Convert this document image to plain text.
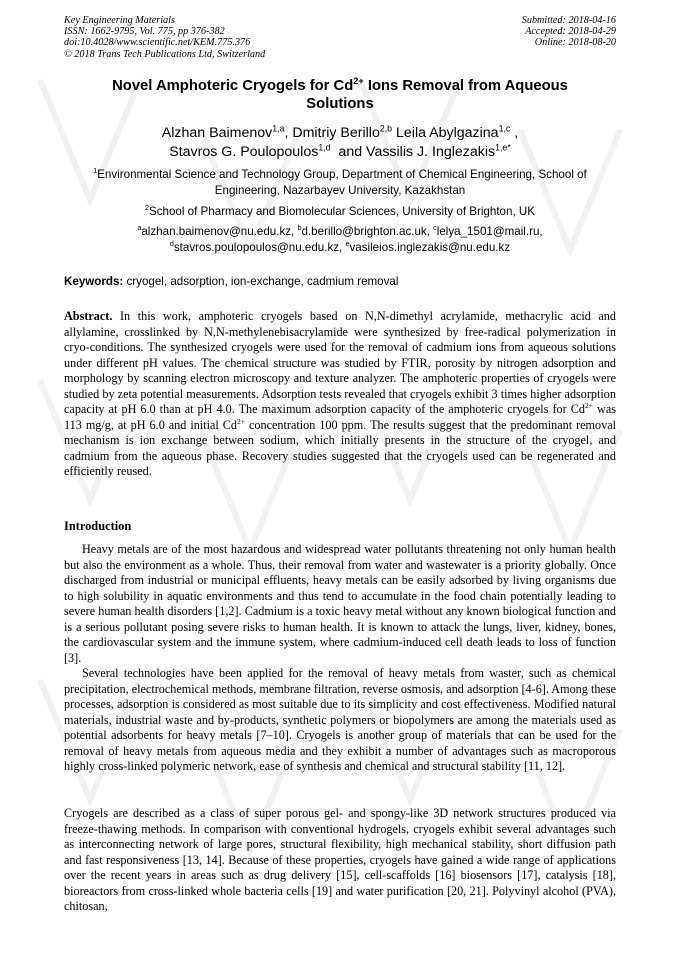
Key Engineering Materials
ISSN: 1662-9795, Vol. 775, pp 376-382
doi:10.4028/www.scientific.net/KEM.775.376
© 2018 Trans Tech Publications Ltd, Switzerland
Submitted: 2018-04-16
Accepted: 2018-04-29
Online: 2018-08-20
Novel Amphoteric Cryogels for $Cd^{2+}$ Ions Removal from Aqueous
Solutions
Alzhan Baimenov$^{1,a}$, Dmitriy Berillo$^{2,b}$ Leila Abylgazina$^{1,c}$ ,
Stavros G. Poulopoulos$^{1,d}$  and Vassilis J. Inglezakis$^{1,e*}$
$^1$Environmental Science and Technology Group, Department of Chemical Engineering, School of Engineering, Nazarbayev University, Kazakhstan
$^2$School of Pharmacy and Biomolecular Sciences, University of Brighton, UK
$^a$alzhan.baimenov@nu.edu.kz, $^b$d.berillo@brighton.ac.uk, $^c$lelya_1501@mail.ru,
$^d$stavros.poulopoulos@nu.edu.kz, $^e$vasileios.inglezakis@nu.edu.kz
Keywords: cryogel, adsorption, ion-exchange, cadmium removal

Abstract. In this work, amphoteric cryogels based on N,N-dimethyl acrylamide, methacrylic acid and allylamine, crosslinked by N,N-methylenebisacrylamide were synthesized by free-radical polymerization in cryo-conditions. The synthesized cryogels were used for the removal of cadmium ions from aqueous solutions under different pH values. The chemical structure was studied by FTIR, porosity by nitrogen adsorption and morphology by scanning electron microscopy and texture analyzer. The amphoteric properties of cryogels were studied by zeta potential measurements. Adsorption tests revealed that cryogels exhibit 3 times higher adsorption capacity at pH 6.0 than at pH 4.0. The maximum adsorption capacity of the amphoteric cryogels for $Cd^{2+}$ was 113 mg/g, at pH 6.0 and initial $Cd^{2+}$ concentration 100 ppm. The results suggest that the predominant removal mechanism is ion exchange between sodium, which initially presents in the structure of the cryogel, and cadmium from the aqueous phase. Recovery studies suggested that the cryogels used can be regenerated and efficiently reused.

Introduction

Heavy metals are of the most hazardous and widespread water pollutants threatening not only human health but also the environment as a whole. Thus, their removal from water and wastewater is a priority globally. Once discharged from industrial or municipal effluents, heavy metals can be easily adsorbed by living organisms due to high solubility in aquatic environments and thus tend to accumulate in the food chain potentially leading to severe human health disorders [1,2]. Cadmium is a toxic heavy metal without any known biological function and is a serious pollutant posing severe risks to human health. It is known to attack the lungs, liver, kidney, bones, the cardiovascular system and the immune system, where cadmium-induced cell death leads to loss of function [3].

Several technologies have been applied for the removal of heavy metals from waster, such as chemical precipitation, electrochemical methods, membrane filtration, reverse osmosis, and adsorption [4-6]. Among these processes, adsorption is considered as most suitable due to its simplicity and cost effectiveness. Modified natural materials, industrial waste and by-products, synthetic polymers or biopolymers are among the materials used as potential adsorbents for heavy metals [7–10]. Cryogels is another group of materials that can be used for the removal of heavy metals from aqueous media and they exhibit a number of advantages such as macroporous highly cross-linked polymeric network, ease of synthesis and chemical and structural stability [11, 12].

Cryogels are described as a class of super porous gel- and spongy-like 3D network structures produced via freeze-thawing methods. In comparison with conventional hydrogels, cryogels exhibit several advantages such as interconnecting network of large pores, structural flexibility, high mechanical stability, short diffusion path and fast responsiveness [13, 14]. Because of these properties, cryogels have gained a wide range of applications over the recent years in areas such as drug delivery [15], cell-scaffolds [16] biosensors [17], catalysis [18], bioreactors from cross-linked whole bacteria cells [19] and water purification [20, 21]. Polyvinyl alcohol (PVA), chitosan,
